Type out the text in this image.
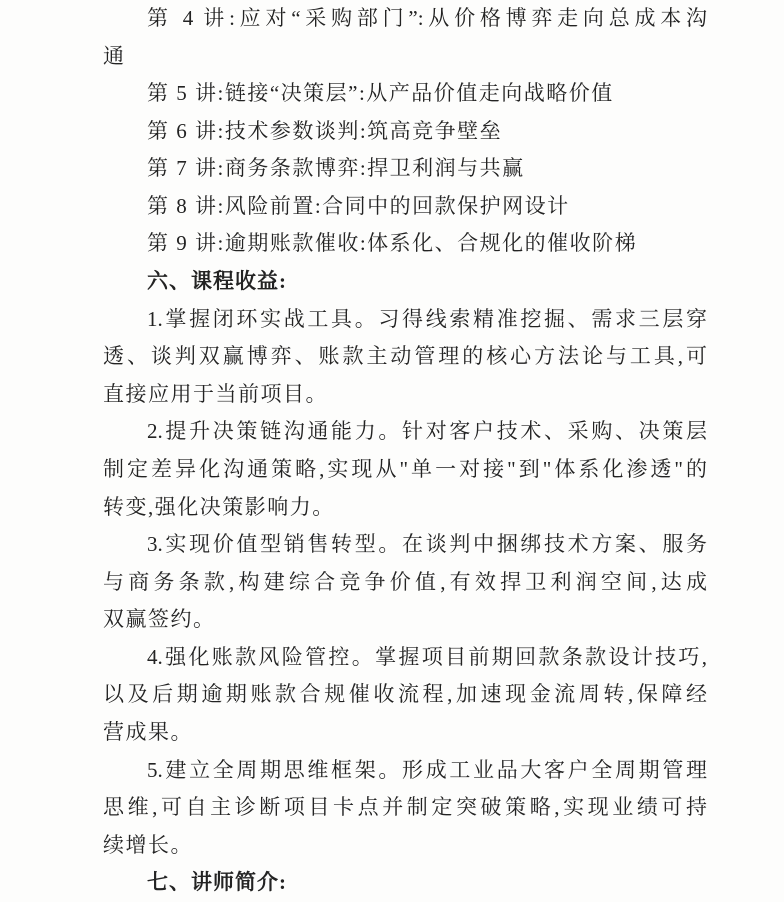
第 4 讲:应对“采购部门”:从价格博弈走向总成本沟
通
第 5 讲:链接“决策层”:从产品价值走向战略价值
第 6 讲:技术参数谈判:筑高竞争壁垒
第 7 讲:商务条款博弈:捍卫利润与共赢
第 8 讲:风险前置:合同中的回款保护网设计
第 9 讲:逾期账款催收:体系化、合规化的催收阶梯
六、课程收益:
1.掌握闭环实战工具。习得线索精准挖掘、需求三层穿
透、谈判双赢博弈、账款主动管理的核心方法论与工具,可
直接应用于当前项目。
2.提升决策链沟通能力。针对客户技术、采购、决策层
制定差异化沟通策略,实现从"单一对接"到"体系化渗透"的
转变,强化决策影响力。
3.实现价值型销售转型。在谈判中捆绑技术方案、服务
与商务条款,构建综合竞争价值,有效捍卫利润空间,达成
双赢签约。
4.强化账款风险管控。掌握项目前期回款条款设计技巧,
以及后期逾期账款合规催收流程,加速现金流周转,保障经
营成果。
5.建立全周期思维框架。形成工业品大客户全周期管理
思维,可自主诊断项目卡点并制定突破策略,实现业绩可持
续增长。
七、讲师简介:
